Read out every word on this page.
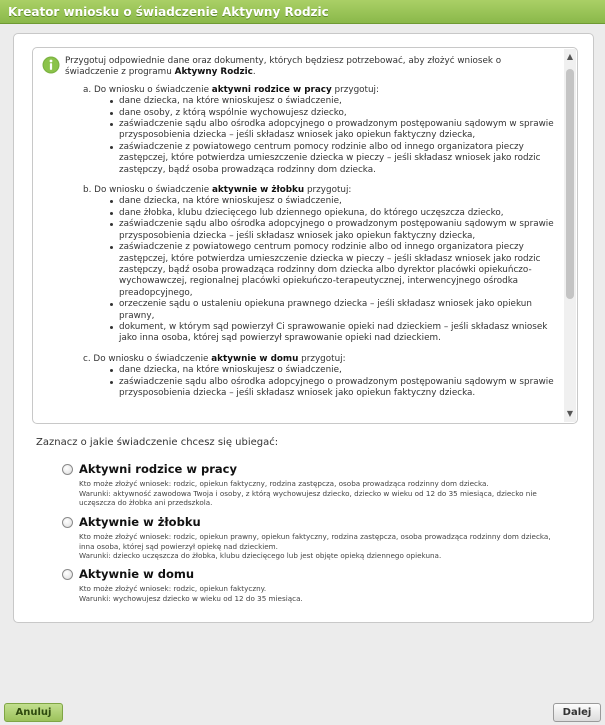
Kreator wniosku o świadczenie Aktywny Rodzic

Przygotuj odpowiednie dane oraz dokumenty, których będziesz potrzebować, aby złożyć wniosek o świadczenie z programu Aktywny Rodzic.

a. Do wniosku o świadczenie aktywni rodzice w pracy przygotuj:

dane dziecka, na które wnioskujesz o świadczenie,
dane osoby, z którą wspólnie wychowujesz dziecko,
zaświadczenie sądu albo ośrodka adopcyjnego o prowadzonym postępowaniu sądowym w sprawie przysposobienia dziecka – jeśli składasz wniosek jako opiekun faktyczny dziecka,
zaświadczenie z powiatowego centrum pomocy rodzinie albo od innego organizatora pieczy zastępczej, które potwierdza umieszczenie dziecka w pieczy – jeśli składasz wniosek jako rodzic zastępczy, bądź osoba prowadząca rodzinny dom dziecka.

b. Do wniosku o świadczenie aktywnie w żłobku przygotuj:

dane dziecka, na które wnioskujesz o świadczenie,
dane żłobka, klubu dziecięcego lub dziennego opiekuna, do którego uczęszcza dziecko,
zaświadczenie sądu albo ośrodka adopcyjnego o prowadzonym postępowaniu sądowym w sprawie przysposobienia dziecka – jeśli składasz wniosek jako opiekun faktyczny dziecka,
zaświadczenie z powiatowego centrum pomocy rodzinie albo od innego organizatora pieczy zastępczej, które potwierdza umieszczenie dziecka w pieczy – jeśli składasz wniosek jako rodzic zastępczy, bądź osoba prowadząca rodzinny dom dziecka albo dyrektor placówki opiekuńczo-wychowawczej, regionalnej placówki opiekuńczo-terapeutycznej, interwencyjnego ośrodka preadopcyjnego,
orzeczenie sądu o ustaleniu opiekuna prawnego dziecka – jeśli składasz wniosek jako opiekun prawny,
dokument, w którym sąd powierzył Ci sprawowanie opieki nad dzieckiem – jeśli składasz wniosek jako inna osoba, której sąd powierzył sprawowanie opieki nad dzieckiem.

c. Do wniosku o świadczenie aktywnie w domu przygotuj:

dane dziecka, na które wnioskujesz o świadczenie,
zaświadczenie sądu albo ośrodka adopcyjnego o prowadzonym postępowaniu sądowym w sprawie przysposobienia dziecka – jeśli składasz wniosek jako opiekun faktyczny dziecka.
▲
▼
Zaznacz o jakie świadczenie chcesz się ubiegać:
Aktywni rodzice w pracy
Kto może złożyć wniosek: rodzic, opiekun faktyczny, rodzina zastępcza, osoba prowadząca rodzinny dom dziecka.
Warunki: aktywność zawodowa Twoja i osoby, z którą wychowujesz dziecko, dziecko w wieku od 12 do 35 miesiąca, dziecko nie uczęszcza do żłobka ani przedszkola.
Aktywnie w żłobku
Kto może złożyć wniosek: rodzic, opiekun prawny, opiekun faktyczny, rodzina zastępcza, osoba prowadząca rodzinny dom dziecka, inna osoba, której sąd powierzył opiekę nad dzieckiem.
Warunki: dziecko uczęszcza do żłobka, klubu dziecięcego lub jest objęte opieką dziennego opiekuna.
Aktywnie w domu
Kto może złożyć wniosek: rodzic, opiekun faktyczny.
Warunki: wychowujesz dziecko w wieku od 12 do 35 miesiąca.
Anuluj	Dalej
